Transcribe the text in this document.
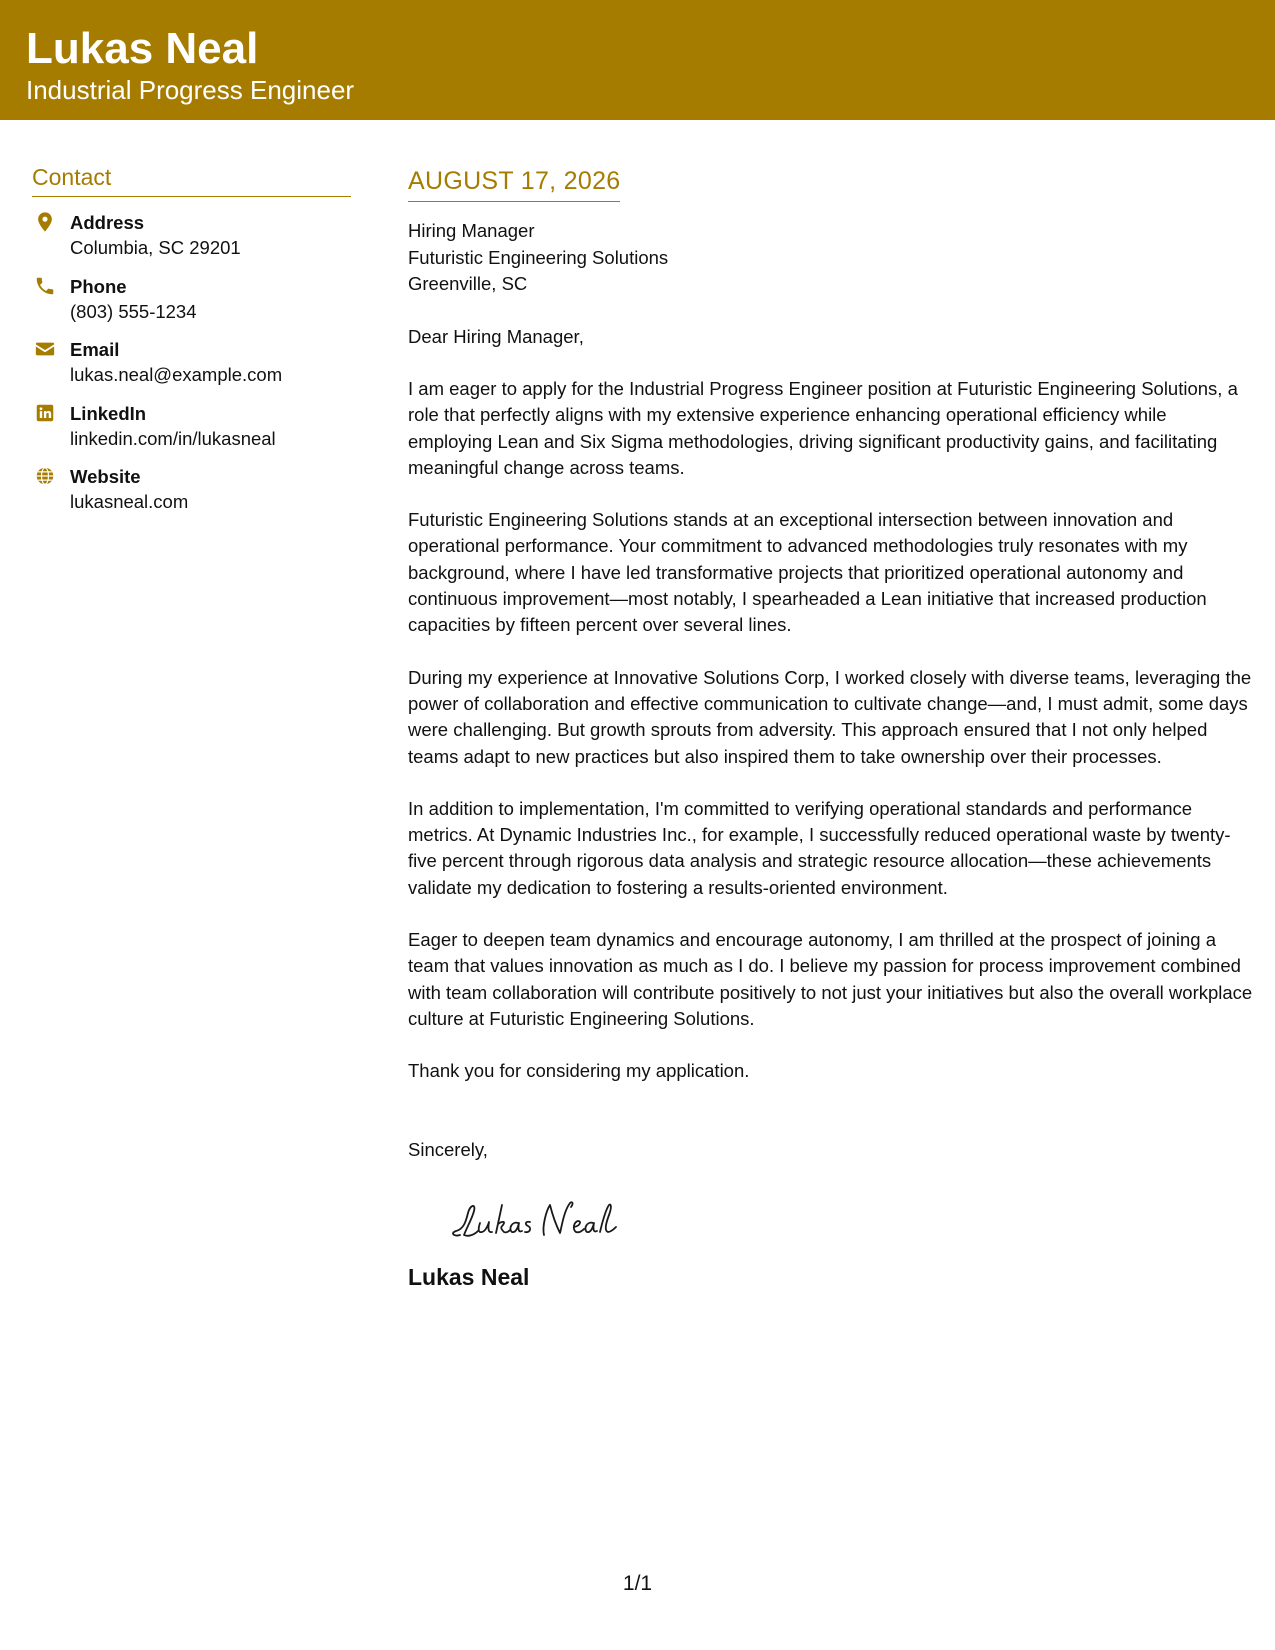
Lukas Neal
Industrial Progress Engineer
Contact
Address
Columbia, SC 29201
Phone
(803) 555-1234
Email
lukas.neal@example.com
LinkedIn
linkedin.com/in/lukasneal
Website
lukasneal.com
AUGUST 17, 2026
Hiring Manager
Futuristic Engineering Solutions
Greenville, SC
Dear Hiring Manager,
I am eager to apply for the Industrial Progress Engineer position at Futuristic Engineering Solutions, a role that perfectly aligns with my extensive experience enhancing operational efficiency while employing Lean and Six Sigma methodologies, driving significant productivity gains, and facilitating meaningful change across teams.
Futuristic Engineering Solutions stands at an exceptional intersection between innovation and operational performance. Your commitment to advanced methodologies truly resonates with my background, where I have led transformative projects that prioritized operational autonomy and continuous improvement—most notably, I spearheaded a Lean initiative that increased production capacities by fifteen percent over several lines.
During my experience at Innovative Solutions Corp, I worked closely with diverse teams, leveraging the power of collaboration and effective communication to cultivate change—and, I must admit, some days were challenging. But growth sprouts from adversity. This approach ensured that I not only helped teams adapt to new practices but also inspired them to take ownership over their processes.
In addition to implementation, I'm committed to verifying operational standards and performance metrics. At Dynamic Industries Inc., for example, I successfully reduced operational waste by twenty-five percent through rigorous data analysis and strategic resource allocation—these achievements validate my dedication to fostering a results-oriented environment.
Eager to deepen team dynamics and encourage autonomy, I am thrilled at the prospect of joining a team that values innovation as much as I do. I believe my passion for process improvement combined with team collaboration will contribute positively to not just your initiatives but also the overall workplace culture at Futuristic Engineering Solutions.
Thank you for considering my application.
Sincerely,
Lukas Neal
1/1
